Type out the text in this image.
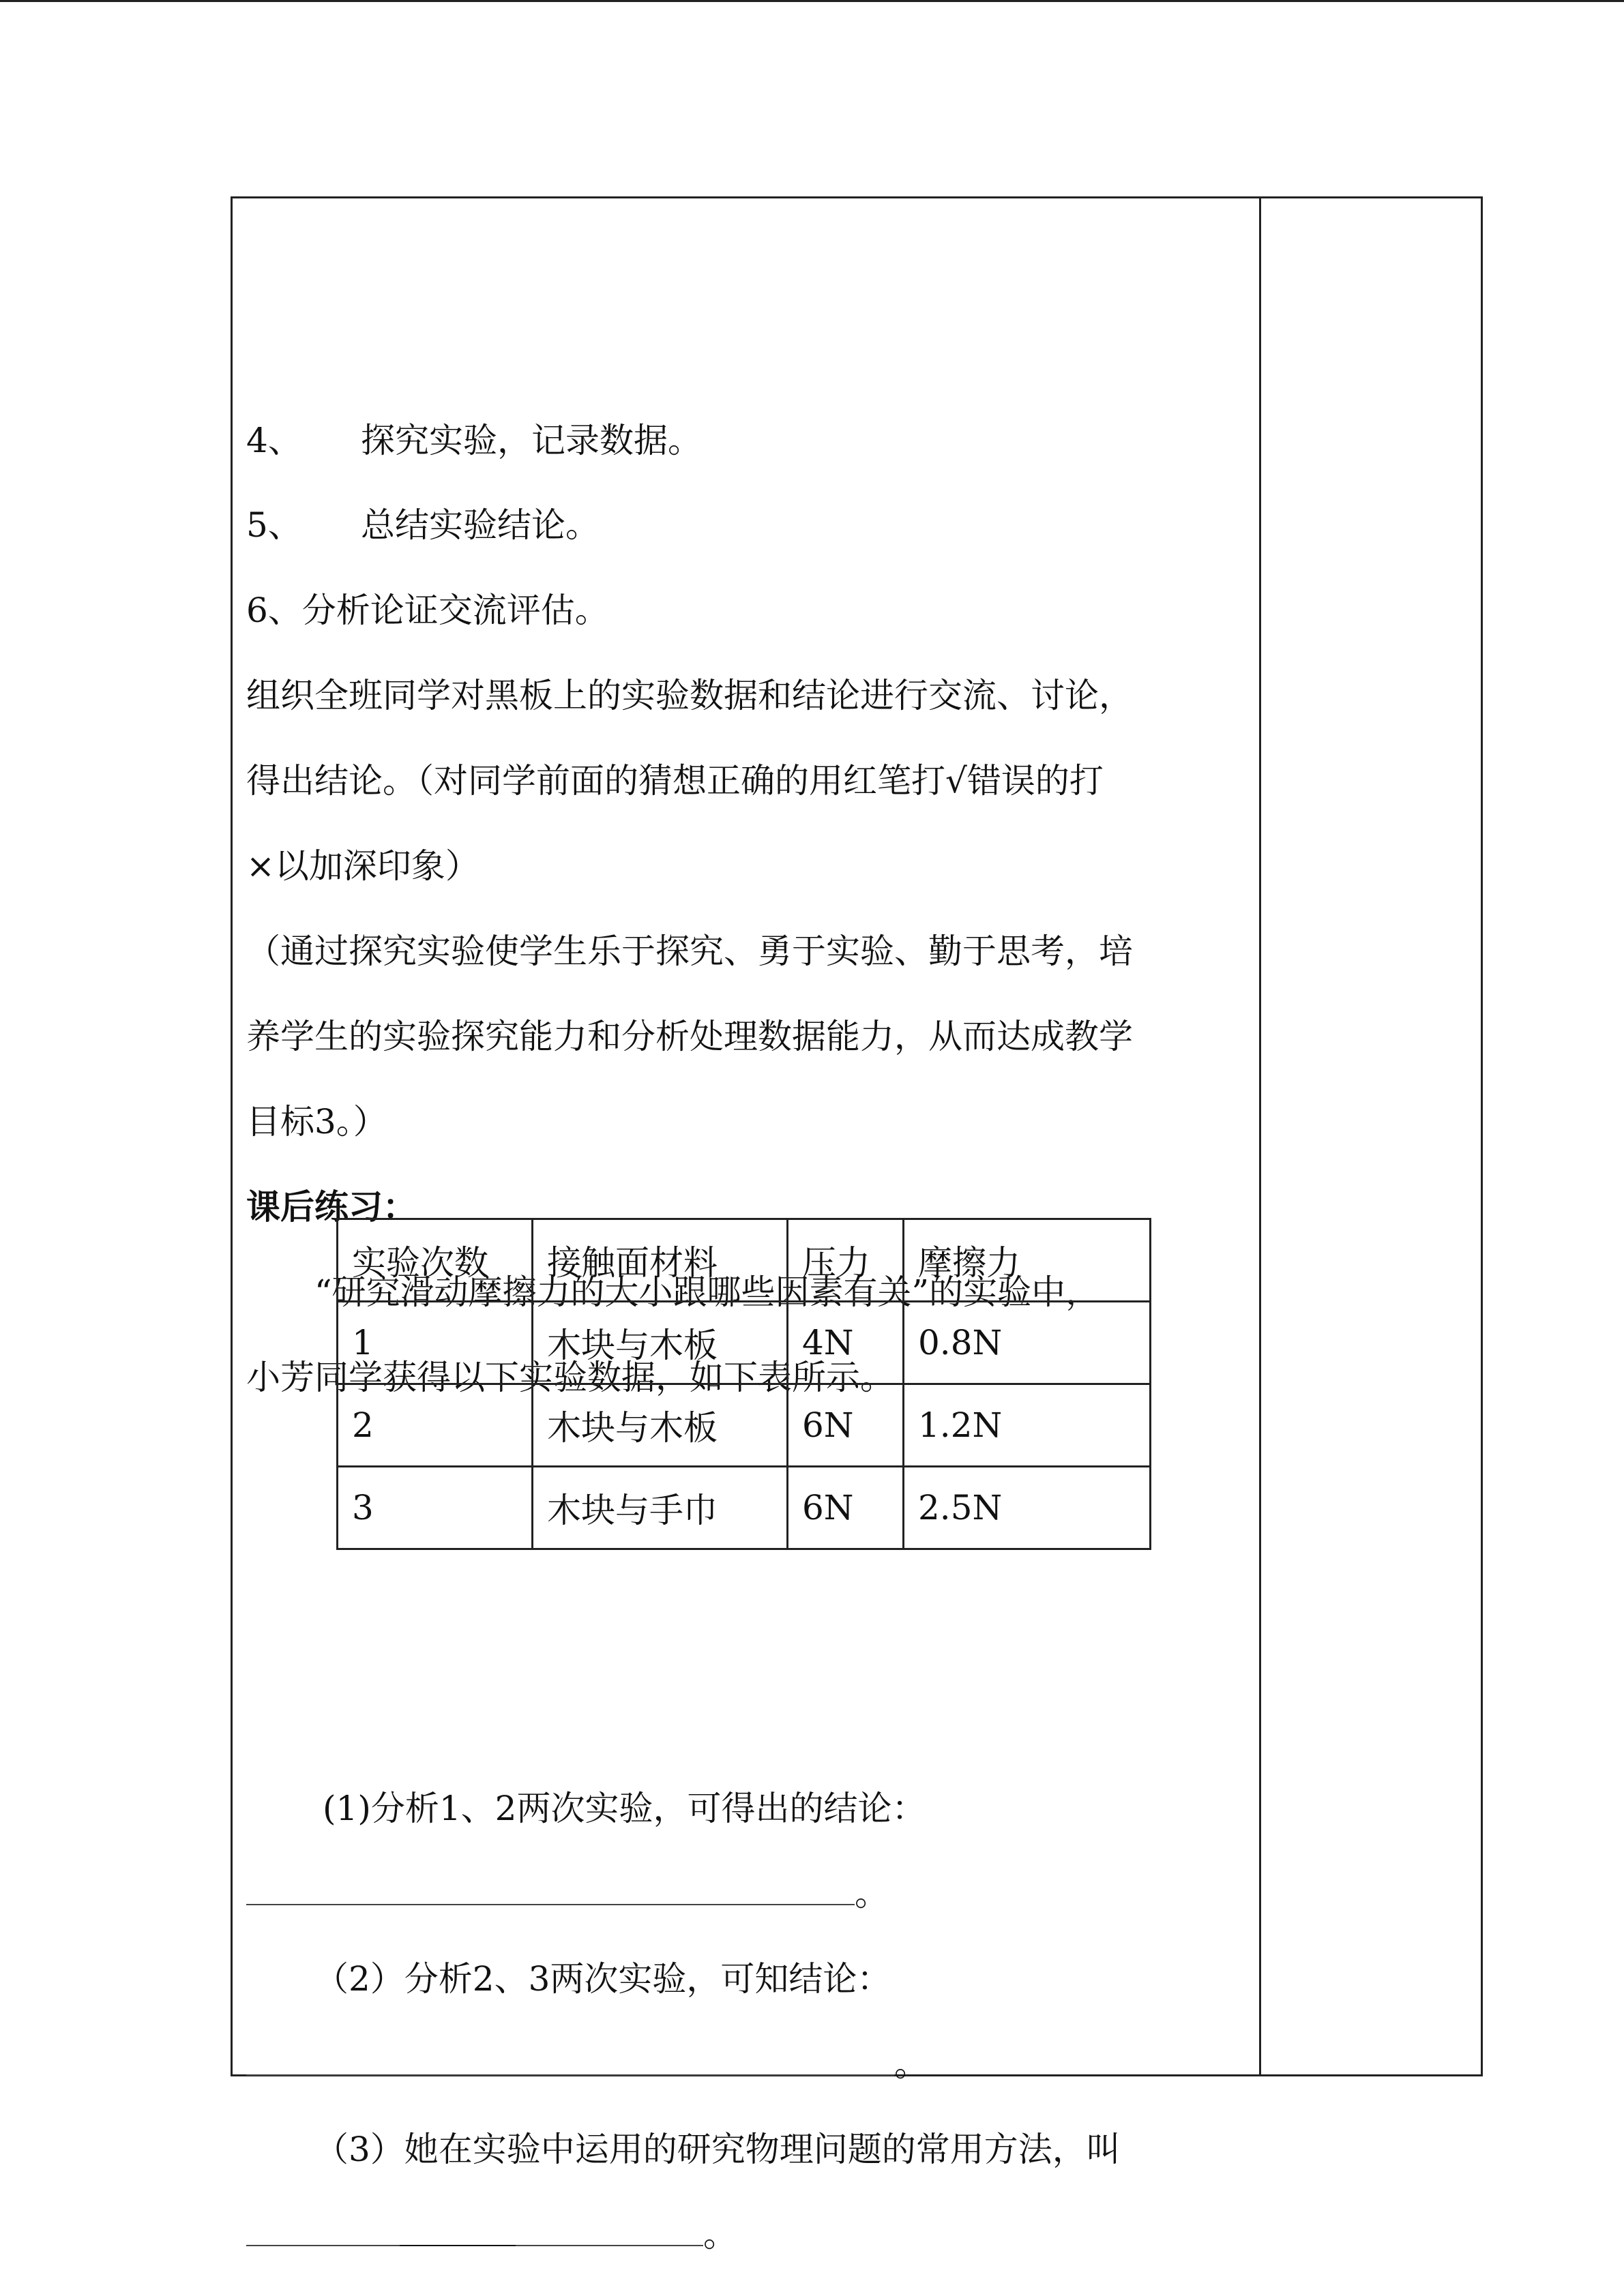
4、 探究实验，记录数据。
5、 总结实验结论。
6、分析论证交流评估。
组织全班同学对黑板上的实验数据和结论进行交流、讨论，
得出结论。（对同学前面的猜想正确的用红笔打√错误的打
×以加深印象）
（通过探究实验使学生乐于探究、勇于实验、勤于思考，培
养学生的实验探究能力和分析处理数据能力，从而达成教学
目标3。）
课后练习：
“研究滑动摩擦力的大小跟哪些因素有关”的实验中，
小芳同学获得以下实验数据，如下表所示。
(1)分析1、2两次实验，可得出的结论：
。
（2）分析2、3两次实验，可知结论：
。
（3）她在实验中运用的研究物理问题的常用方法，叫
。
实验次数	接触面材料	压力	摩擦力
1	木块与木板	4N	0.8N
2	木块与木板	6N	1.2N
3	木块与手巾	6N	2.5N
